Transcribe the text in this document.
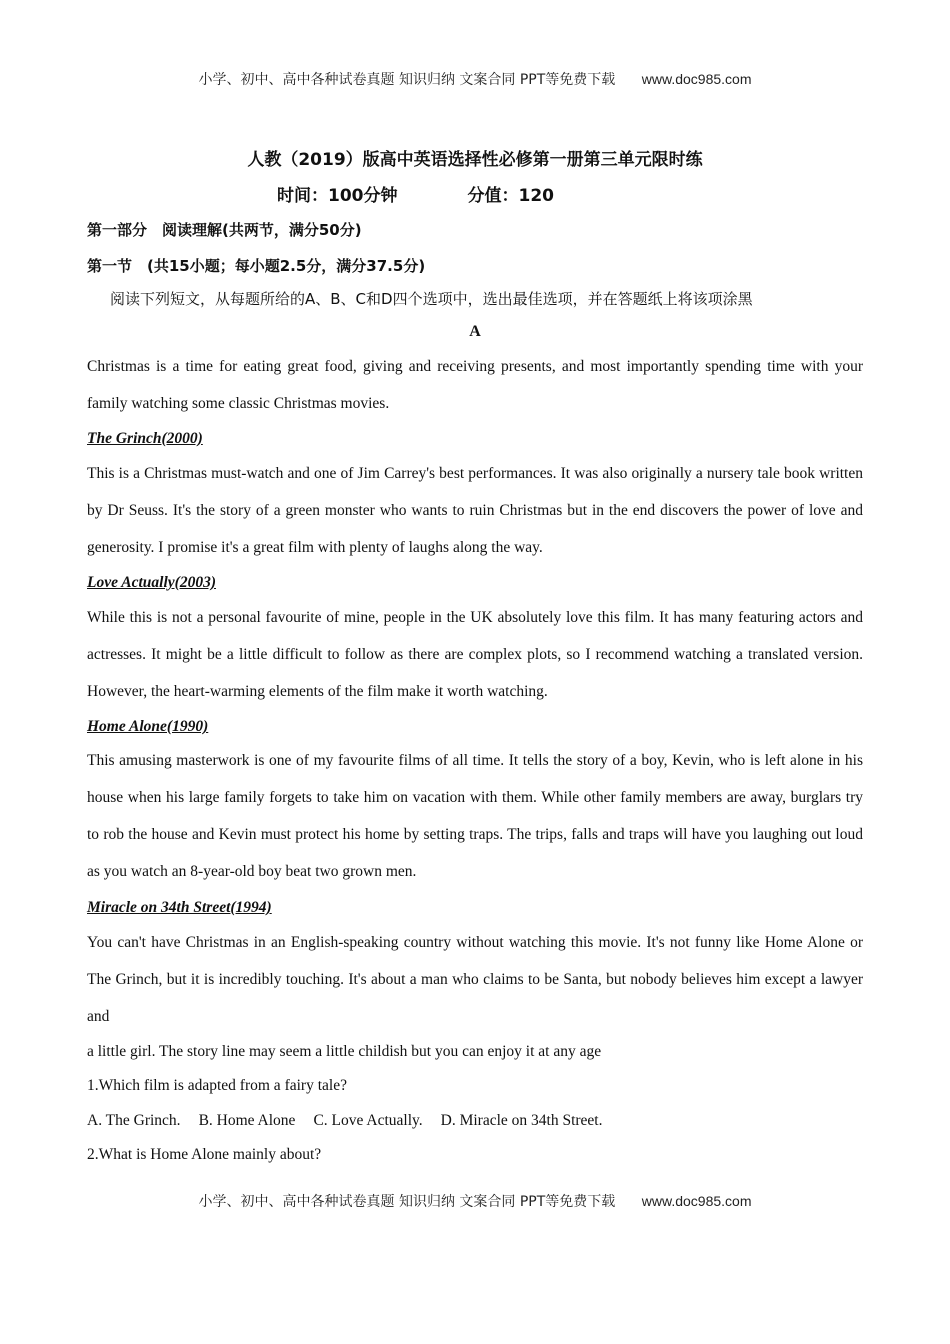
小学、初中、高中各种试卷真题 知识归纳 文案合同 PPT等免费下载 www.doc985.com
人教（2019）版高中英语选择性必修第一册第三单元限时练
时间：100分钟	分值：120
第一部分　阅读理解(共两节，满分50分)
第一节　(共15小题；每小题2.5分，满分37.5分)
阅读下列短文，从每题所给的A、B、C和D四个选项中，选出最佳选项，并在答题纸上将该项涂黑
A
Christmas is a time for eating great food, giving and receiving presents, and most importantly spending time with your family watching some classic Christmas movies.
The Grinch(2000)
This is a Christmas must-watch and one of Jim Carrey's best performances. It was also originally a nursery tale book written by Dr Seuss. It's the story of a green monster who wants to ruin Christmas but in the end discovers the power of love and generosity. I promise it's a great film with plenty of laughs along the way.
Love Actually(2003)
While this is not a personal favourite of mine, people in the UK absolutely love this film. It has many featuring actors and actresses. It might be a little difficult to follow as there are complex plots, so I recommend watching a translated version. However, the heart-warming elements of the film make it worth watching.
Home Alone(1990)
This amusing masterwork is one of my favourite films of all time. It tells the story of a boy, Kevin, who is left alone in his house when his large family forgets to take him on vacation with them. While other family members are away, burglars try to rob the house and Kevin must protect his home by setting traps. The trips, falls and traps will have you laughing out loud as you watch an 8-year-old boy beat two grown men.
Miracle on 34th Street(1994)
You can't have Christmas in an English-speaking country without watching this movie. It's not funny like Home Alone or The Grinch, but it is incredibly touching. It's about a man who claims to be Santa, but nobody believes him except a lawyer and
a little girl. The story line may seem a little childish but you can enjoy it at any age
1.Which film is adapted from a fairy tale?
A. The Grinch. B. Home Alone C. Love Actually. D. Miracle on 34th Street.
2.What is Home Alone mainly about?
小学、初中、高中各种试卷真题 知识归纳 文案合同 PPT等免费下载 www.doc985.com
